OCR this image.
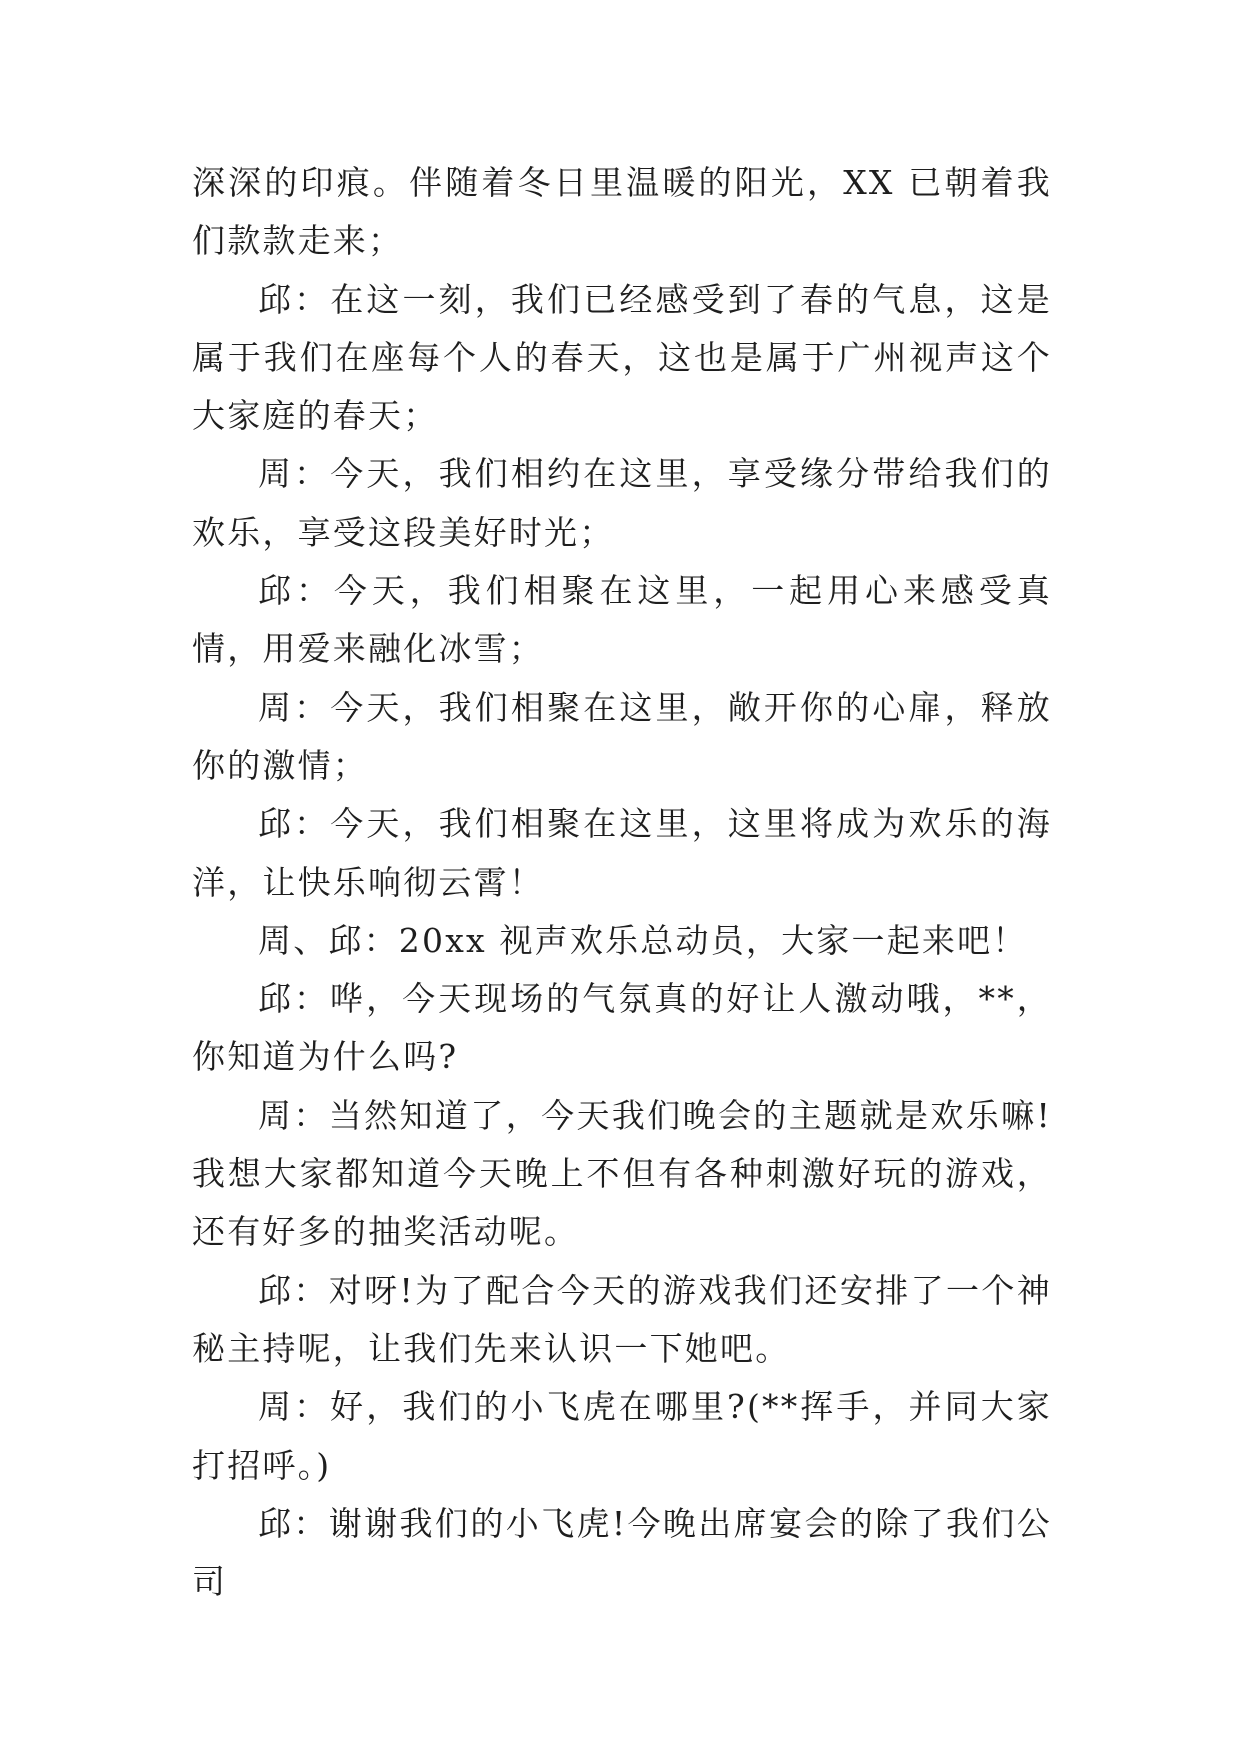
深深的印痕。伴随着冬日里温暖的阳光，XX 已朝着我们款款走来；

邱：在这一刻，我们已经感受到了春的气息，这是属于我们在座每个人的春天，这也是属于广州视声这个大家庭的春天；

周：今天，我们相约在这里，享受缘分带给我们的欢乐，享受这段美好时光；

邱：今天，我们相聚在这里，一起用心来感受真情，用爱来融化冰雪；

周：今天，我们相聚在这里，敞开你的心扉，释放你的激情；

邱：今天，我们相聚在这里，这里将成为欢乐的海洋，让快乐响彻云霄！

周、邱：20xx 视声欢乐总动员，大家一起来吧！

邱：哗，今天现场的气氛真的好让人激动哦，**，你知道为什么吗?

周：当然知道了，今天我们晚会的主题就是欢乐嘛!我想大家都知道今天晚上不但有各种刺激好玩的游戏，还有好多的抽奖活动呢。

邱：对呀!为了配合今天的游戏我们还安排了一个神秘主持呢，让我们先来认识一下她吧。

周：好，我们的小飞虎在哪里?(**挥手，并同大家打招呼。)

邱：谢谢我们的小飞虎!今晚出席宴会的除了我们公司
